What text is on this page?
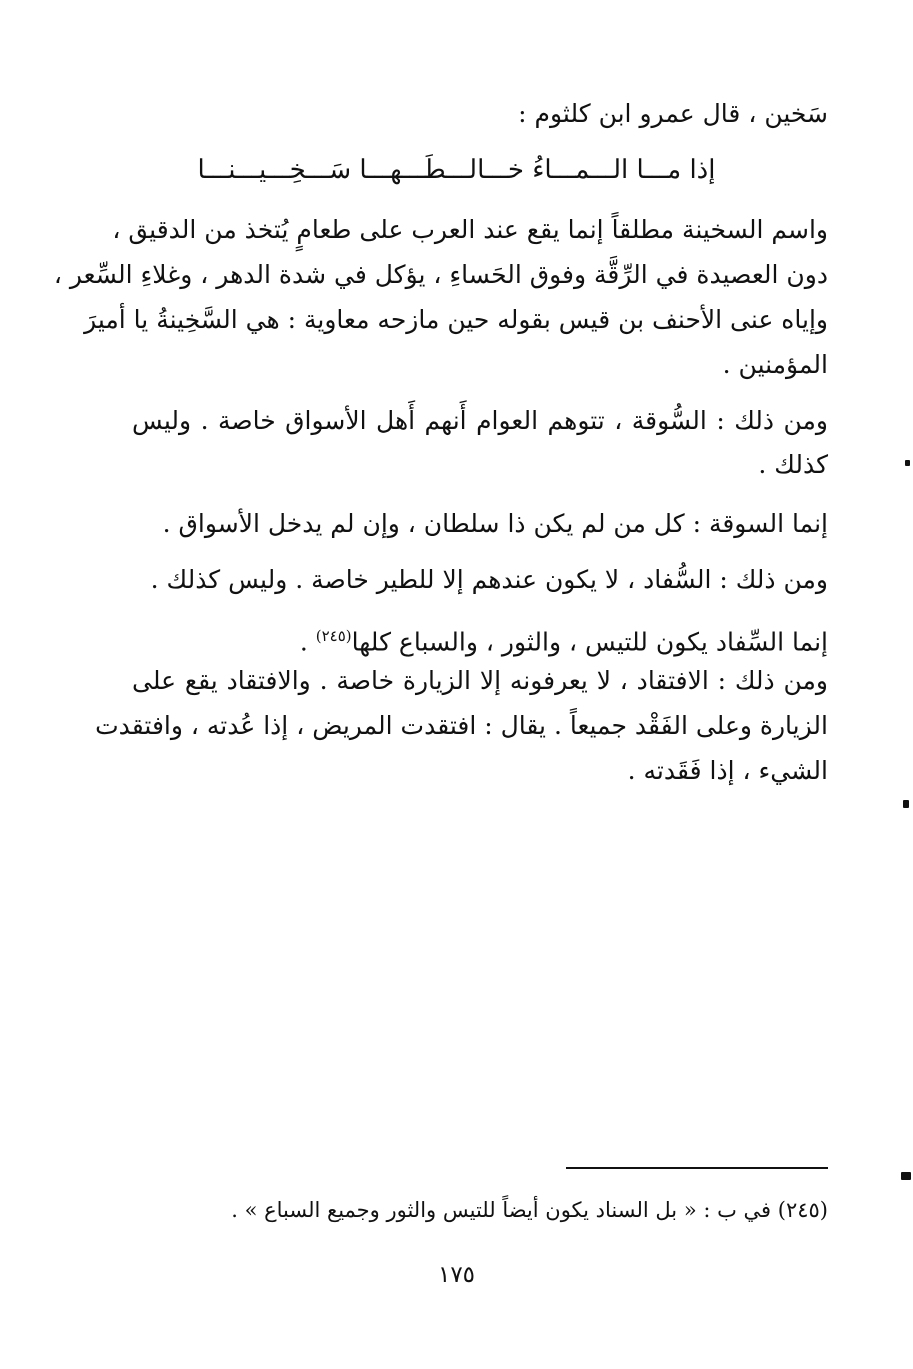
سَخين ، قال عمرو ابن كلثوم :
إذا مـــا الـــمـــاءُ خـــالـــطَـــهـــا سَـــخِـــيـــنـــا
واسم السخينة مطلقاً إنما يقع عند العرب على طعامٍ يُتخذ من الدقيق ،
دون العصيدة في الرِّقَّة وفوق الحَساءِ ، يؤكل في شدة الدهر ، وغلاءِ السِّعر ،
وإياه عنى الأحنف بن قيس بقوله حين مازحه معاوية : هي السَّخِينةُ يا أميرَ
المؤمنين .
ومن ذلك : السُّوقة ، تتوهم العوام أَنهم أَهل الأسواق خاصة . وليس
كذلك .
إنما السوقة : كل من لم يكن ذا سلطان ، وإن لم يدخل الأسواق .
ومن ذلك : السُّفاد ، لا يكون عندهم إلا للطير خاصة . وليس كذلك .
إنما السِّفاد يكون للتيس ، والثور ، والسباع كلها$^{(٢٤٥)}$ .
ومن ذلك : الافتقاد ، لا يعرفونه إلا الزيارة خاصة . والافتقاد يقع على
الزيارة وعلى الفَقْد جميعاً . يقال : افتقدت المريض ، إذا عُدته ، وافتقدت
الشيء ، إذا فَقَدته .
(٢٤٥) في ب : « بل السناد يكون أيضاً للتيس والثور وجميع السباع » .
١٧٥
